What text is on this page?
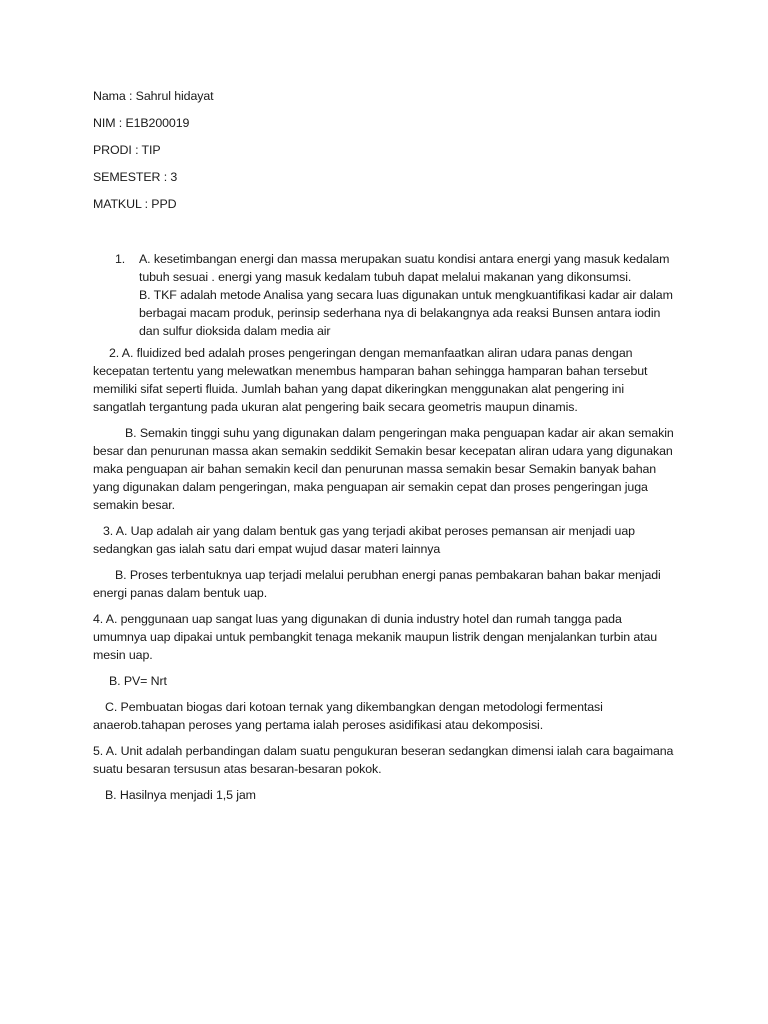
Nama : Sahrul hidayat

NIM : E1B200019

PRODI : TIP

SEMESTER : 3

MATKUL : PPD

1. A. kesetimbangan energi dan massa merupakan suatu kondisi antara energi yang masuk kedalam tubuh sesuai . energi yang masuk kedalam tubuh dapat melalui makanan yang dikonsumsi.

B. TKF adalah metode Analisa yang secara luas digunakan untuk mengkuantifikasi kadar air dalam berbagai macam produk, perinsip sederhana nya di belakangnya ada reaksi Bunsen antara iodin dan sulfur dioksida dalam media air

2. A. fluidized bed adalah proses pengeringan dengan memanfaatkan aliran udara panas dengan kecepatan tertentu yang melewatkan menembus hamparan bahan sehingga hamparan bahan tersebut memiliki sifat seperti fluida. Jumlah bahan yang dapat dikeringkan menggunakan alat pengering ini sangatlah tergantung pada ukuran alat pengering baik secara geometris maupun dinamis.

B. Semakin tinggi suhu yang digunakan dalam pengeringan maka penguapan kadar air akan semakin besar dan penurunan massa akan semakin seddikit Semakin besar kecepatan aliran udara yang digunakan maka penguapan air bahan semakin kecil dan penurunan massa semakin besar Semakin banyak bahan yang digunakan dalam pengeringan, maka penguapan air semakin cepat dan proses pengeringan juga semakin besar.

3. A. Uap adalah air yang dalam bentuk gas yang terjadi akibat peroses pemansan air menjadi uap sedangkan gas ialah satu dari empat wujud dasar materi lainnya

B. Proses terbentuknya uap terjadi melalui perubhan energi panas pembakaran bahan bakar menjadi energi panas dalam bentuk uap.

4. A. penggunaan uap sangat luas yang digunakan di dunia industry hotel dan rumah tangga pada umumnya uap dipakai untuk pembangkit tenaga mekanik maupun listrik dengan menjalankan turbin atau mesin uap.

B. PV= Nrt

C. Pembuatan biogas dari kotoan ternak yang dikembangkan dengan metodologi fermentasi anaerob.tahapan peroses yang pertama ialah peroses asidifikasi atau dekomposisi.

5. A. Unit adalah perbandingan dalam suatu pengukuran beseran sedangkan dimensi ialah cara bagaimana suatu besaran tersusun atas besaran-besaran pokok.

B. Hasilnya menjadi 1,5 jam
